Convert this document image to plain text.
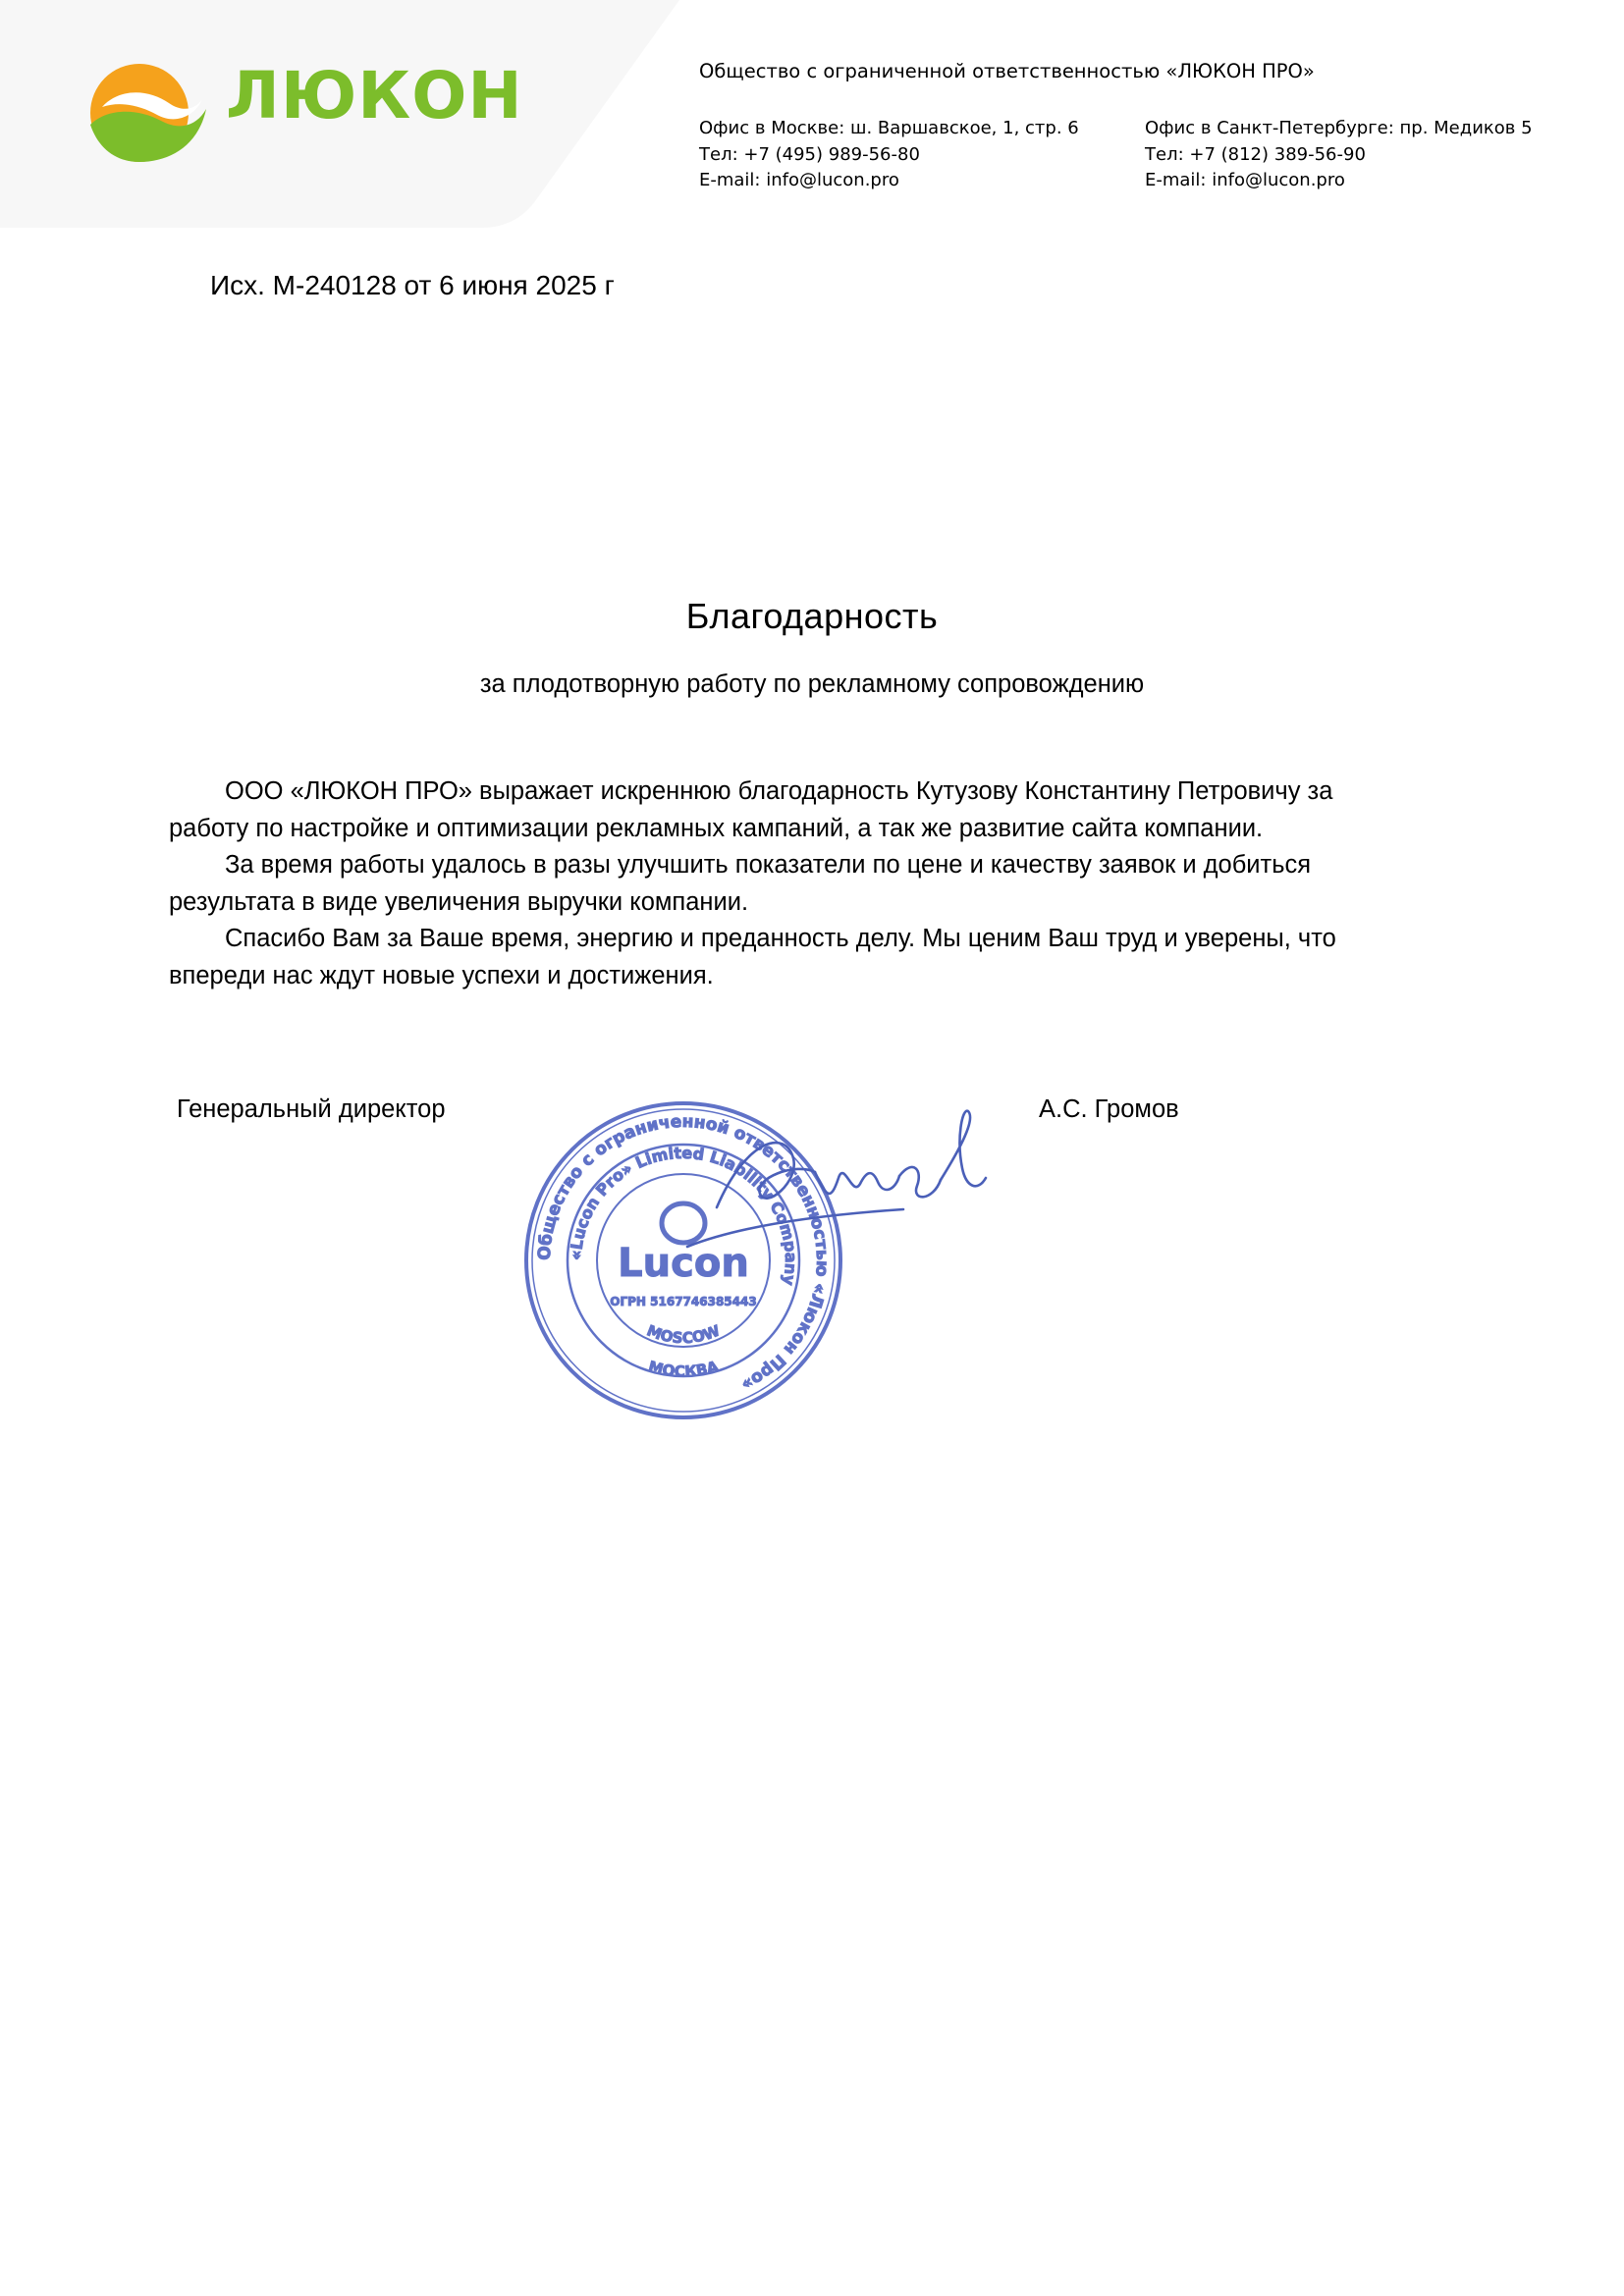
ЛЮКОН	Общество с ограниченной ответственностью «ЛЮКОН ПРО»
Офис в Москве: ш. Варшавское, 1, стр. 6
Тел: +7 (495) 989-56-80
E-mail: info@lucon.pro
Офис в Санкт-Петербурге: пр. Медиков 5
Тел: +7 (812) 389-56-90
E-mail: info@lucon.pro
Исх. М-240128 от 6 июня 2025 г
Благодарность
за плодотворную работу по рекламному сопровождению

ООО «ЛЮКОН ПРО» выражает искреннюю благодарность Кутузову Константину Петровичу за
работу по настройке и оптимизации рекламных кампаний, а так же развитие сайта компании.

За время работы удалось в разы улучшить показатели по цене и качеству заявок и добиться
результата в виде увеличения выручки компании.

Спасибо Вам за Ваше время, энергию и преданность делу. Мы ценим Ваш труд и уверены, что
впереди нас ждут новые успехи и достижения.

Генеральный директор	А.С. Громов
Общество с ограниченной ответственностью «Люкон Про»
«Lucon Pro» Limited Liability Company
Lucon
ОГРН 5167746385443
MOSCOW
МОСКВА
